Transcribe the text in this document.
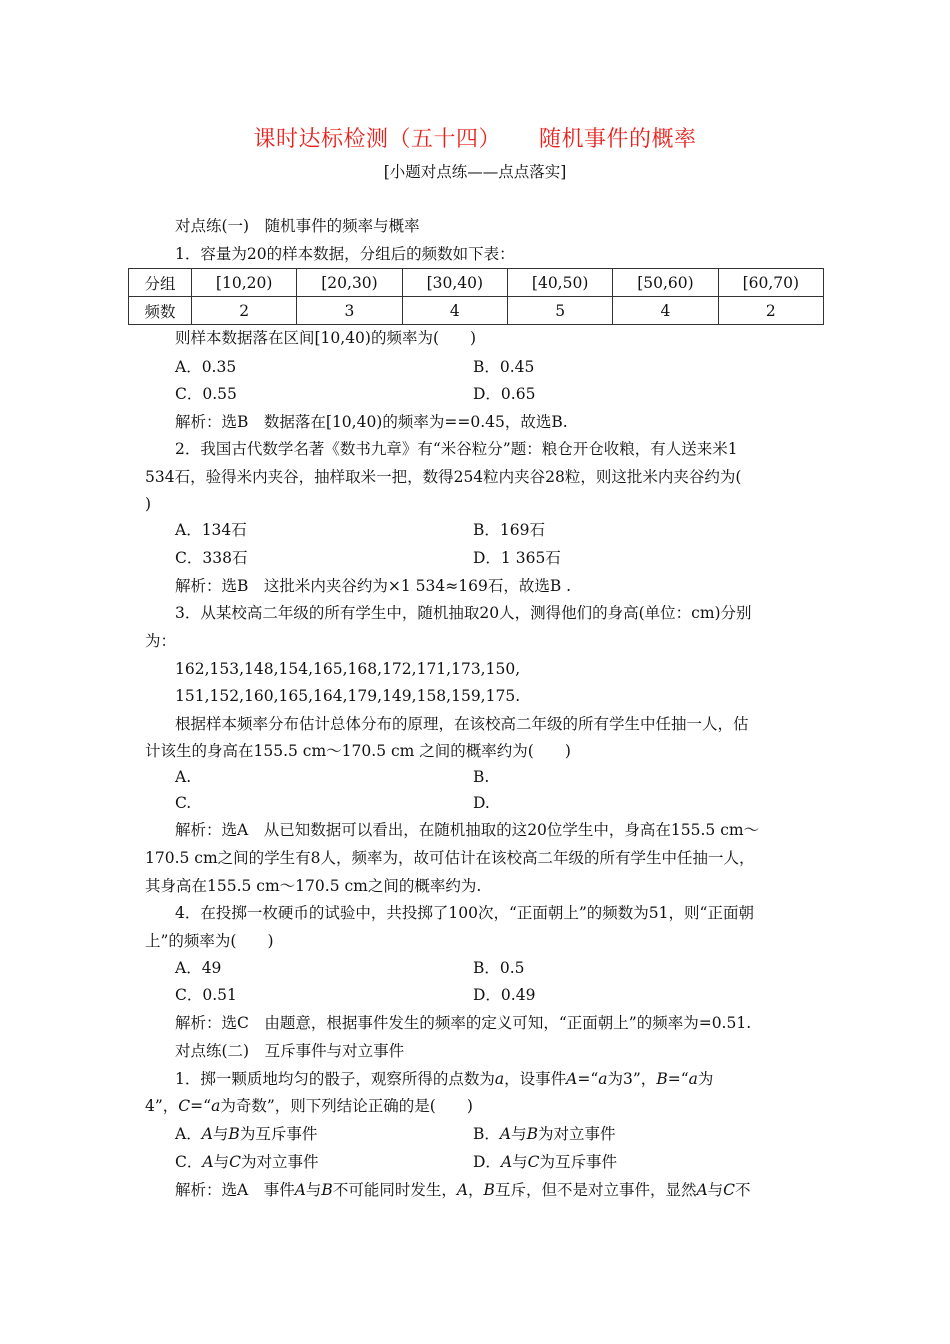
课时达标检测（五十四） 随机事件的概率
[小题对点练——点点落实]
对点练(一)　随机事件的频率与概率
1．容量为20的样本数据，分组后的频数如下表：
分组	[10,20)	[20,30)	[30,40)	[40,50)	[50,60)	[60,70)
频数	2	3	4	5	4	2
则样本数据落在区间[10,40)的频率为(　　)
A．0.35	B．0.45
C．0.55	D．0.65
解析：选B　数据落在[10,40)的频率为==0.45，故选B.
2．我国古代数学名著《数书九章》有“米谷粒分”题：粮仓开仓收粮，有人送来米1
534石，验得米内夹谷，抽样取米一把，数得254粒内夹谷28粒，则这批米内夹谷约为(
)
A．134石	B．169石
C．338石	D．1 365石
解析：选B　这批米内夹谷约为×1 534≈169石，故选B .
3．从某校高二年级的所有学生中，随机抽取20人，测得他们的身高(单位：cm)分别
为：
162,153,148,154,165,168,172,171,173,150,
151,152,160,165,164,179,149,158,159,175.
根据样本频率分布估计总体分布的原理，在该校高二年级的所有学生中任抽一人，估
计该生的身高在155.5 cm～170.5 cm 之间的概率约为(　　)
A.	B.
C.	D.
解析：选A　从已知数据可以看出，在随机抽取的这20位学生中，身高在155.5 cm～
170.5 cm之间的学生有8人，频率为，故可估计在该校高二年级的所有学生中任抽一人，
其身高在155.5 cm～170.5 cm之间的概率约为.
4．在投掷一枚硬币的试验中，共投掷了100次，“正面朝上”的频数为51，则“正面朝
上”的频率为(　　)
A．49	B．0.5
C．0.51	D．0.49
解析：选C　由题意，根据事件发生的频率的定义可知，“正面朝上”的频率为=0.51.
对点练(二)　互斥事件与对立事件
1．掷一颗质地均匀的骰子，观察所得的点数为a，设事件A=“a为3”，B=“a为
4”，C=“a为奇数”，则下列结论正确的是(　　)
A．A与B为互斥事件	B．A与B为对立事件
C．A与C为对立事件	D．A与C为互斥事件
解析：选A　事件A与B不可能同时发生，A，B互斥，但不是对立事件，显然A与C不
